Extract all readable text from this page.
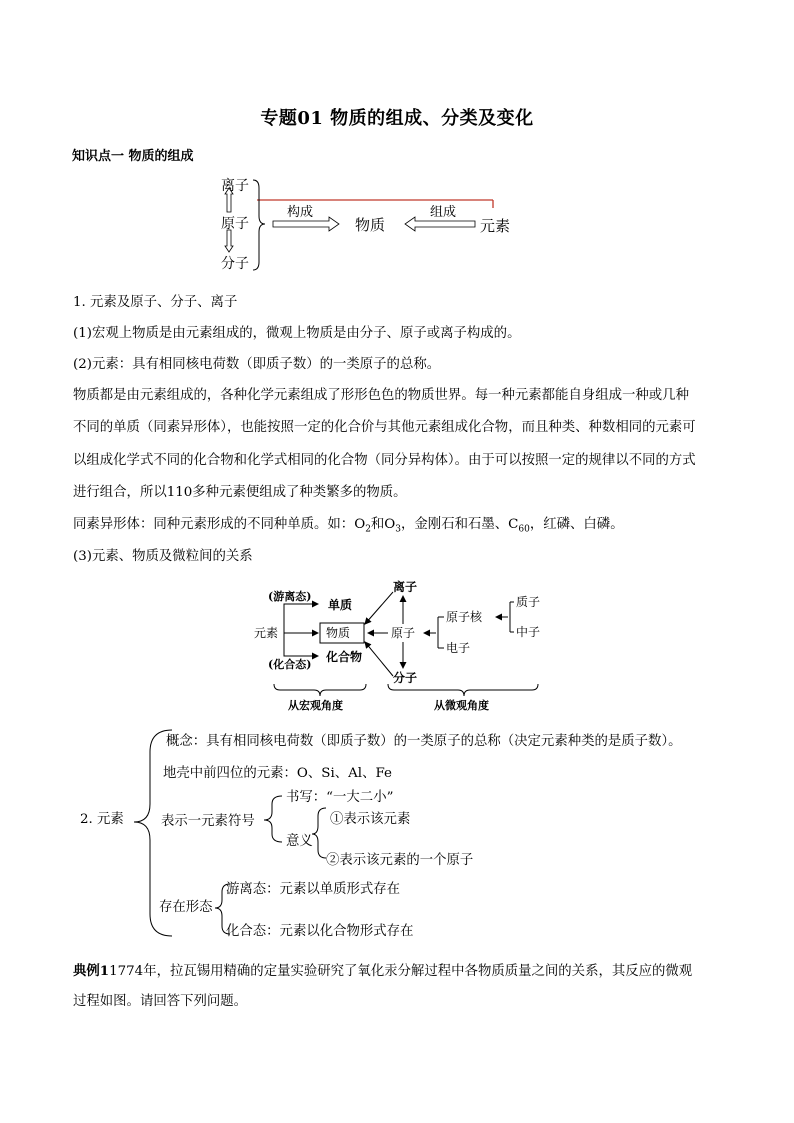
专题01 物质的组成、分类及变化
知识点一 物质的组成
离子
原子
分子
构成
物质
组成
元素
1. 元素及原子、分子、离子
(1)宏观上物质是由元素组成的，微观上物质是由分子、原子或离子构成的。
(2)元素：具有相同核电荷数（即质子数）的一类原子的总称。
物质都是由元素组成的，各种化学元素组成了形形色色的物质世界。每一种元素都能自身组成一种或几种
不同的单质（同素异形体），也能按照一定的化合价与其他元素组成化合物，而且种类、种数相同的元素可
以组成化学式不同的化合物和化学式相同的化合物（同分异构体）。由于可以按照一定的规律以不同的方式
进行组合，所以110多种元素便组成了种类繁多的物质。
同素异形体：同种元素形成的不同种单质。如：$O_2$和$O_3$，金刚石和石墨、$C_{60}$，红磷、白磷。
(3)元素、物质及微粒间的关系
(游离态)
单质
元素	物质
(化合态)
化合物
离子
原子
分子
原子核
电子
质子
中子
从宏观角度	从微观角度
2. 元素
概念：具有相同核电荷数（即质子数）的一类原子的总称（决定元素种类的是质子数）。
地壳中前四位的元素：O、Si、Al、Fe
表示一元素符号
书写：“一大二小”
意义
①表示该元素
②表示该元素的一个原子
存在形态
游离态：元素以单质形式存在
化合态：元素以化合物形式存在
典例11774年，拉瓦锡用精确的定量实验研究了氧化汞分解过程中各物质质量之间的关系，其反应的微观
过程如图。请回答下列问题。
